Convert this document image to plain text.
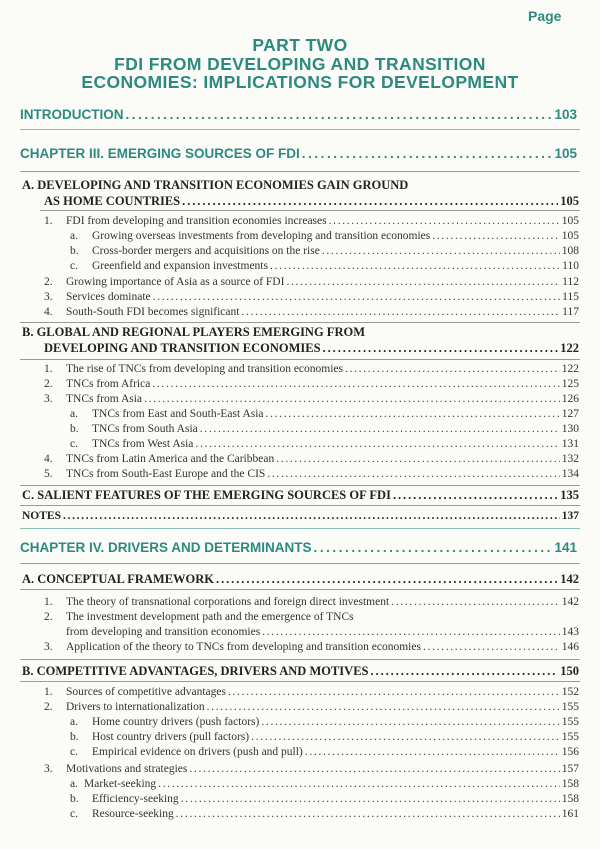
Page
PART TWO
FDI FROM DEVELOPING AND TRANSITION
ECONOMIES: IMPLICATIONS FOR DEVELOPMENT
INTRODUCTION . . .	103
CHAPTER III. EMERGING SOURCES OF FDI . . .	105
A. DEVELOPING AND TRANSITION ECONOMIES GAIN GROUND
AS HOME COUNTRIES . . .	105
1. FDI from developing and transition economies increases . . .	105
a. Growing overseas investments from developing and transition economies . . .	105
b. Cross-border mergers and acquisitions on the rise . . .	108
c. Greenfield and expansion investments . . .	110
2. Growing importance of Asia as a source of FDI . . .	112
3. Services dominate . . .	115
4. South-South FDI becomes significant . . .	117
B. GLOBAL AND REGIONAL PLAYERS EMERGING FROM
DEVELOPING AND TRANSITION ECONOMIES . . .	122
1. The rise of TNCs from developing and transition economies . . .	122
2. TNCs from Africa . . .	125
3. TNCs from Asia . . .	126
a. TNCs from East and South-East Asia . . .	127
b. TNCs from South Asia . . .	130
c. TNCs from West Asia . . .	131
4. TNCs from Latin America and the Caribbean . . .	132
5. TNCs from South-East Europe and the CIS . . .	134
C. SALIENT FEATURES OF THE EMERGING SOURCES OF FDI . . .	135
NOTES . . .	137
CHAPTER IV. DRIVERS AND DETERMINANTS . . .	141
A. CONCEPTUAL FRAMEWORK . . .	142
1. The theory of transnational corporations and foreign direct investment . . .	142
2. The investment development path and the emergence of TNCs
from developing and transition economies . . .	143
3. Application of the theory to TNCs from developing and transition economies . . .	146
B. COMPETITIVE ADVANTAGES, DRIVERS AND MOTIVES . . .	150
1. Sources of competitive advantages . . .	152
2. Drivers to internationalization . . .	155
a. Home country drivers (push factors) . . .	155
b. Host country drivers (pull factors) . . .	155
c. Empirical evidence on drivers (push and pull) . . .	156
3. Motivations and strategies . . .	157
a. Market-seeking . . .	158
b. Efficiency-seeking . . .	158
c. Resource-seeking . . .	161
